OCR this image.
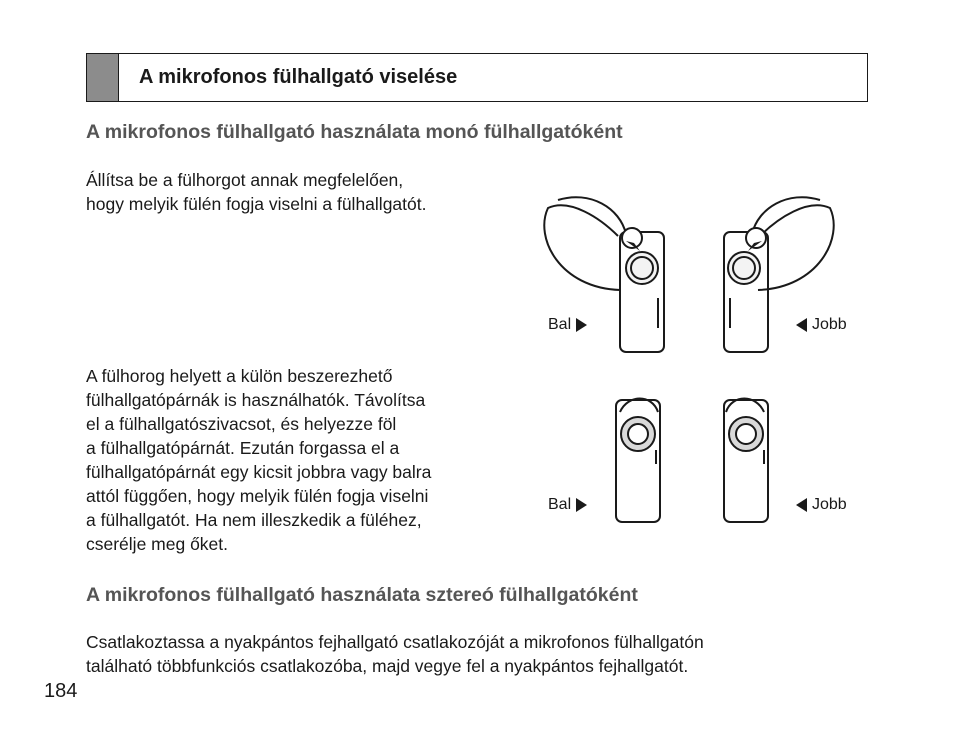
A mikrofonos fülhallgató viselése
A mikrofonos fülhallgató használata monó fülhallgatóként

Állítsa be a fülhorgot annak megfelelően,
hogy melyik fülén fogja viselni a fülhallgatót.

A fülhorog helyett a külön beszerezhető
fülhallgatópárnák is használhatók. Távolítsa
el a fülhallgatószivacsot, és helyezze föl
a fülhallgatópárnát. Ezután forgassa el a
fülhallgatópárnát egy kicsit jobbra vagy balra
attól függően, hogy melyik fülén fogja viselni
a fülhallgatót. Ha nem illeszkedik a füléhez,
cserélje meg őket.

Bal	Jobb
Bal	Jobb
A mikrofonos fülhallgató használata sztereó fülhallgatóként

Csatlakoztassa a nyakpántos fejhallgató csatlakozóját a mikrofonos fülhallgatón
található többfunkciós csatlakozóba, majd vegye fel a nyakpántos fejhallgatót.

184
